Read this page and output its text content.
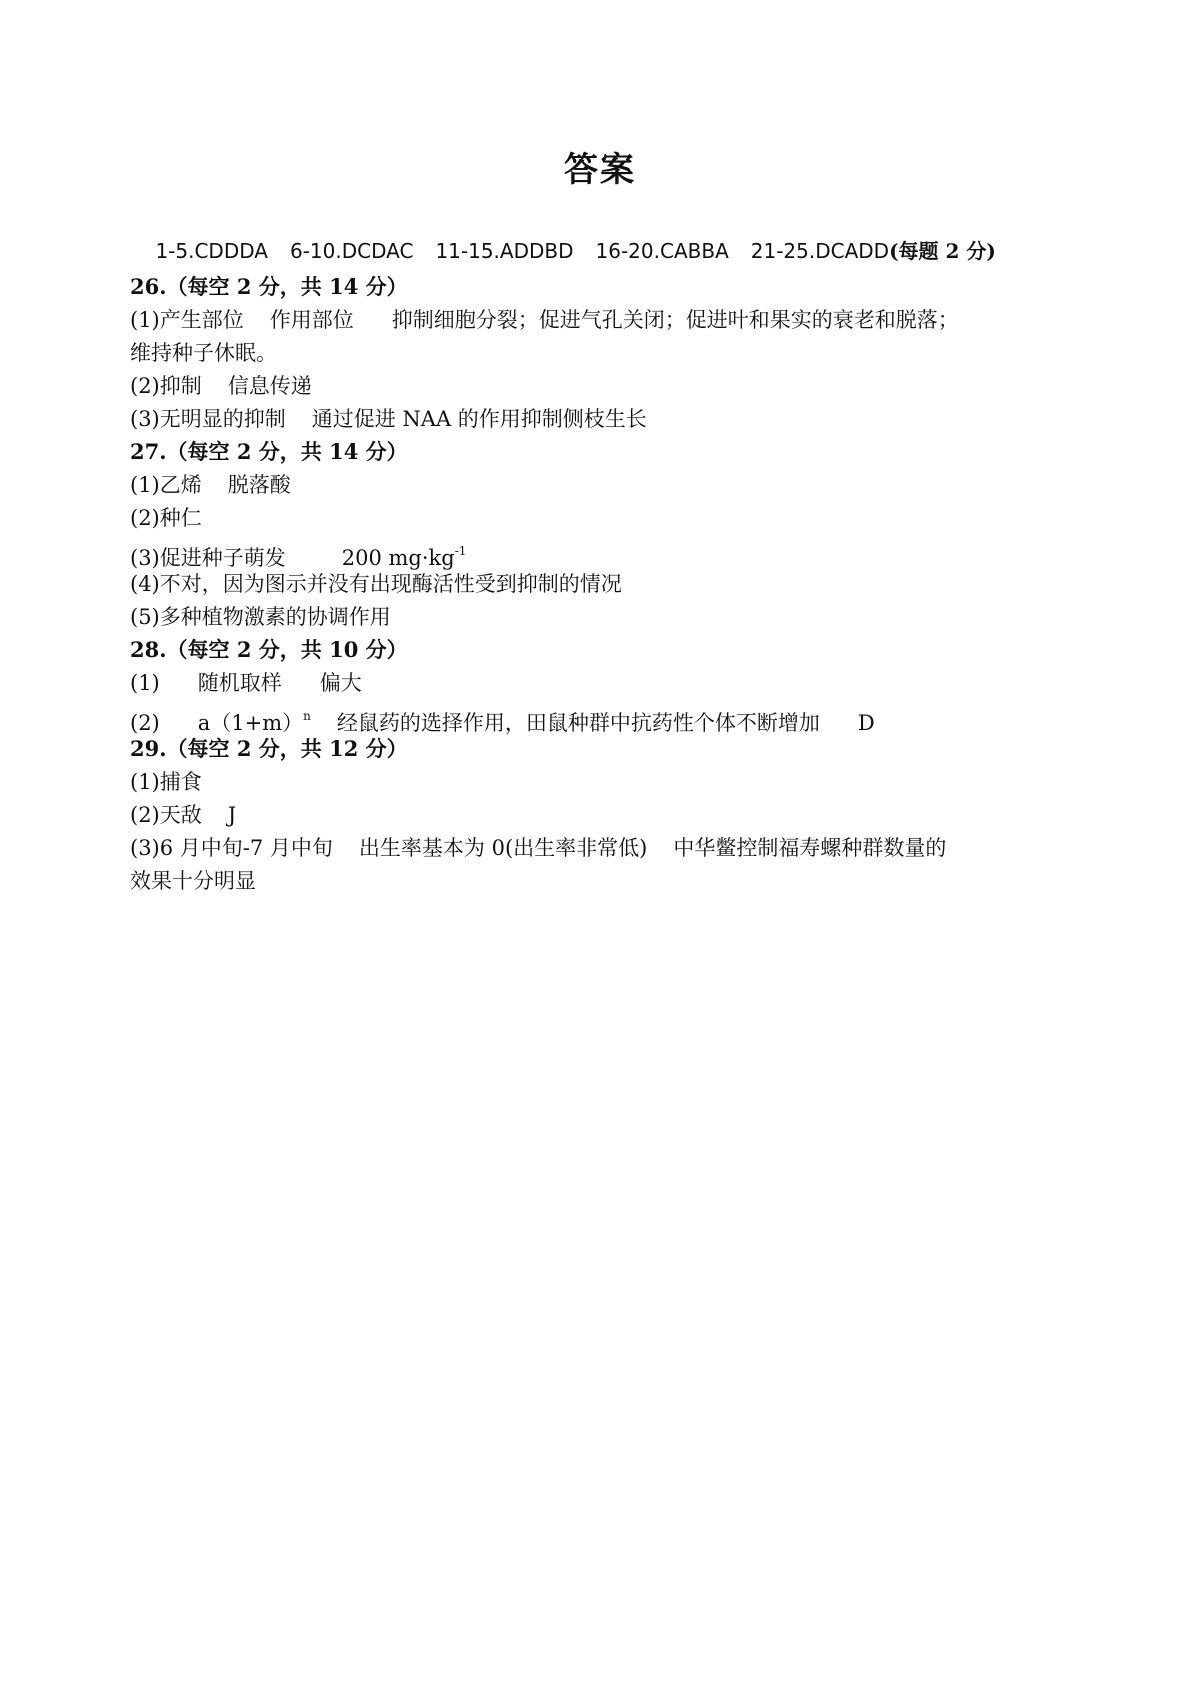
答案

1-5.CDDDA 6-10.DCDAC 11-15.ADDBD 16-20.CABBA 21-25.DCADD(每题 2 分)

26.（每空 2 分，共 14 分）
(1)产生部位 作用部位 抑制细胞分裂；促进气孔关闭；促进叶和果实的衰老和脱落；
维持种子休眠。
(2)抑制 信息传递
(3)无明显的抑制 通过促进 NAA 的作用抑制侧枝生长
27.（每空 2 分，共 14 分）
(1)乙烯 脱落酸
(2)种仁
(3)促进种子萌发	200 $mg\cdot kg^{-1}$
(4)不对，因为图示并没有出现酶活性受到抑制的情况
(5)多种植物激素的协调作用
28.（每空 2 分，共 10 分）
(1) 随机取样 偏大
(2) $a(1+m)^n$ 经鼠药的选择作用，田鼠种群中抗药性个体不断增加 D
29.（每空 2 分，共 12 分）
(1)捕食
(2)天敌 J
(3)6 月中旬-7 月中旬 出生率基本为 0(出生率非常低) 中华鳖控制福寿螺种群数量的
效果十分明显
